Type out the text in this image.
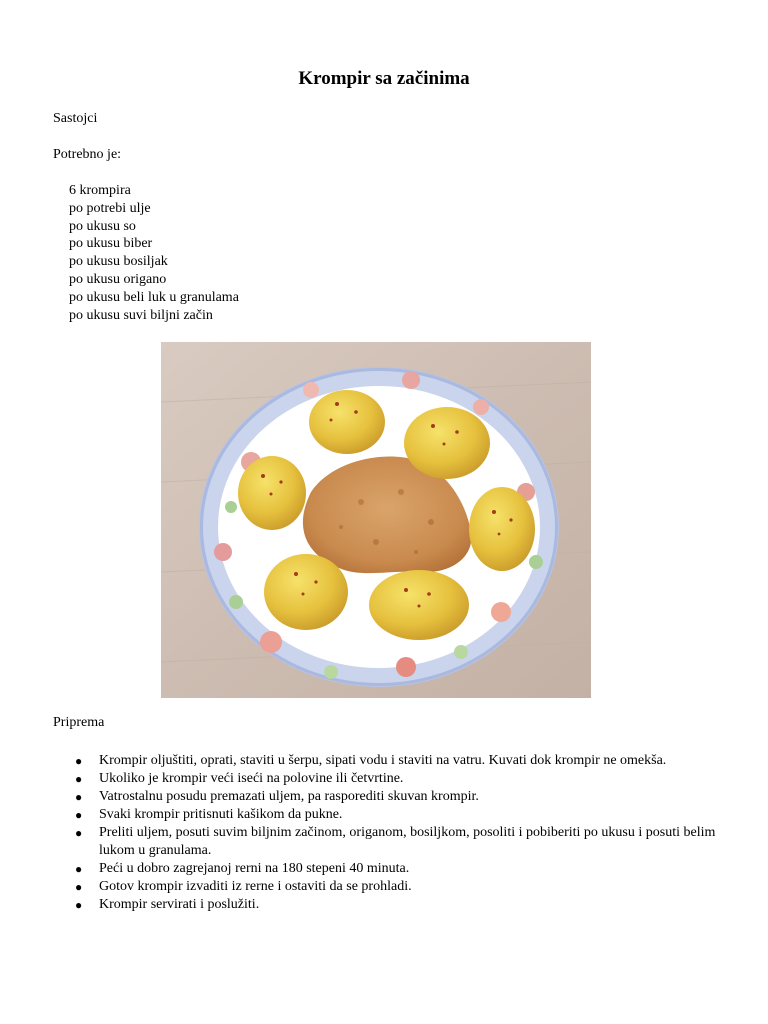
Krompir sa začinima
Sastojci
Potrebno je:
6 krompira
po potrebi ulje
po ukusu so
po ukusu biber
po ukusu bosiljak
po ukusu origano
po ukusu beli luk u granulama
po ukusu suvi biljni začin
Priprema
● Krompir oljuštiti, oprati, staviti u šerpu, sipati vodu i staviti na vatru. Kuvati dok krompir ne omekša.
● Ukoliko je krompir veći iseći na polovine ili četvrtine.
● Vatrostalnu posudu premazati uljem, pa rasporediti skuvan krompir.
● Svaki krompir pritisnuti kašikom da pukne.
● Preliti uljem, posuti suvim biljnim začinom, origanom, bosiljkom, posoliti i pobiberiti po ukusu i posuti belim lukom u granulama.
● Peći u dobro zagrejanoj rerni na 180 stepeni 40 minuta.
● Gotov krompir izvaditi iz rerne i ostaviti da se prohladi.
● Krompir servirati i poslužiti.
